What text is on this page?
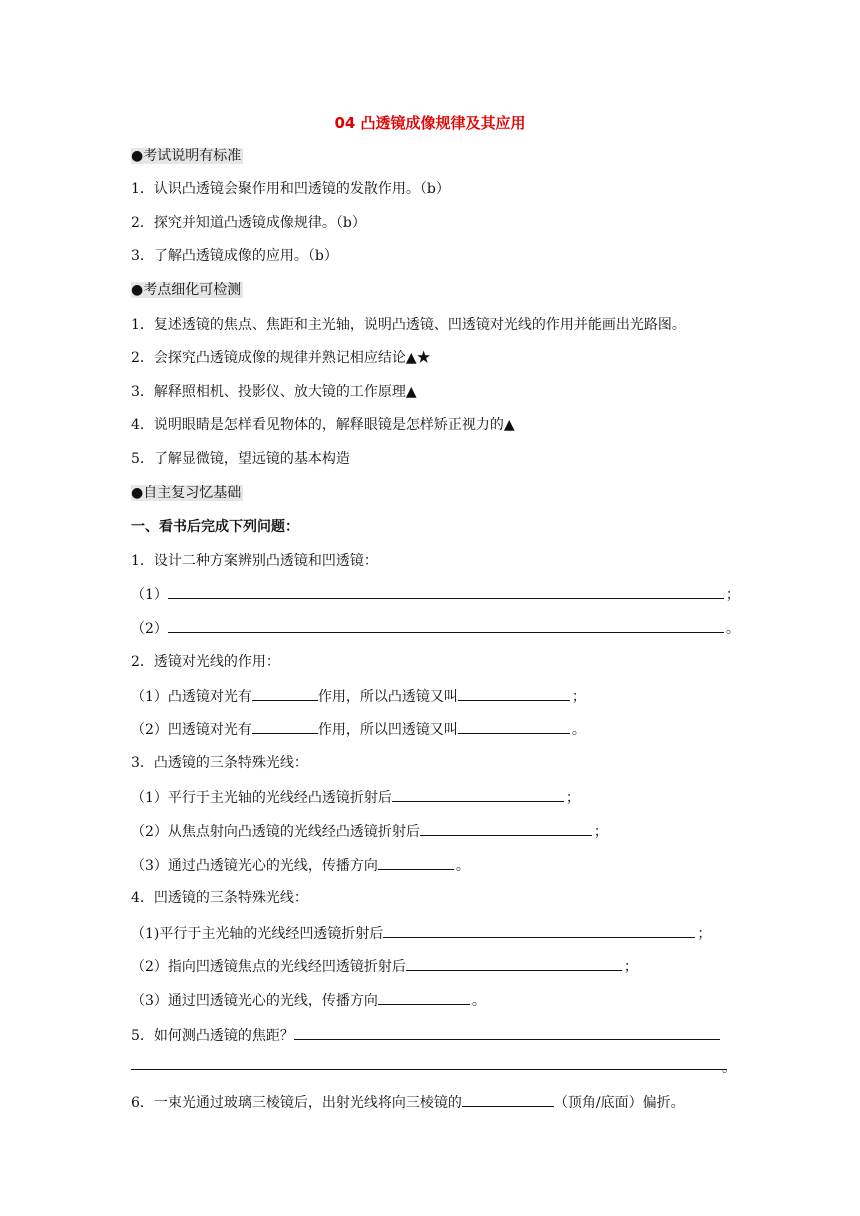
04 凸透镜成像规律及其应用
●考试说明有标准
1．认识凸透镜会聚作用和凹透镜的发散作用。（b）
2．探究并知道凸透镜成像规律。（b）
3．了解凸透镜成像的应用。（b）
●考点细化可检测
1．复述透镜的焦点、焦距和主光轴，说明凸透镜、凹透镜对光线的作用并能画出光路图。
2．会探究凸透镜成像的规律并熟记相应结论▲★
3．解释照相机、投影仪、放大镜的工作原理▲
4．说明眼睛是怎样看见物体的，解释眼镜是怎样矫正视力的▲
5．了解显微镜，望远镜的基本构造
●自主复习忆基础
一、看书后完成下列问题：
1．设计二种方案辨别凸透镜和凹透镜：
（1）	；
（2）	。
2．透镜对光线的作用：
（1）凸透镜对光有	作用，所以凸透镜又叫	；
（2）凹透镜对光有	作用，所以凹透镜又叫	。
3．凸透镜的三条特殊光线：
（1）平行于主光轴的光线经凸透镜折射后	；
（2）从焦点射向凸透镜的光线经凸透镜折射后	；
（3）通过凸透镜光心的光线，传播方向	。
4．凹透镜的三条特殊光线：
（1)平行于主光轴的光线经凹透镜折射后	；
（2）指向凹透镜焦点的光线经凹透镜折射后	；
（3）通过凹透镜光心的光线，传播方向	。
5．如何测凸透镜的焦距？
。
6．一束光通过玻璃三棱镜后，出射光线将向三棱镜的	（顶角/底面）偏折。
